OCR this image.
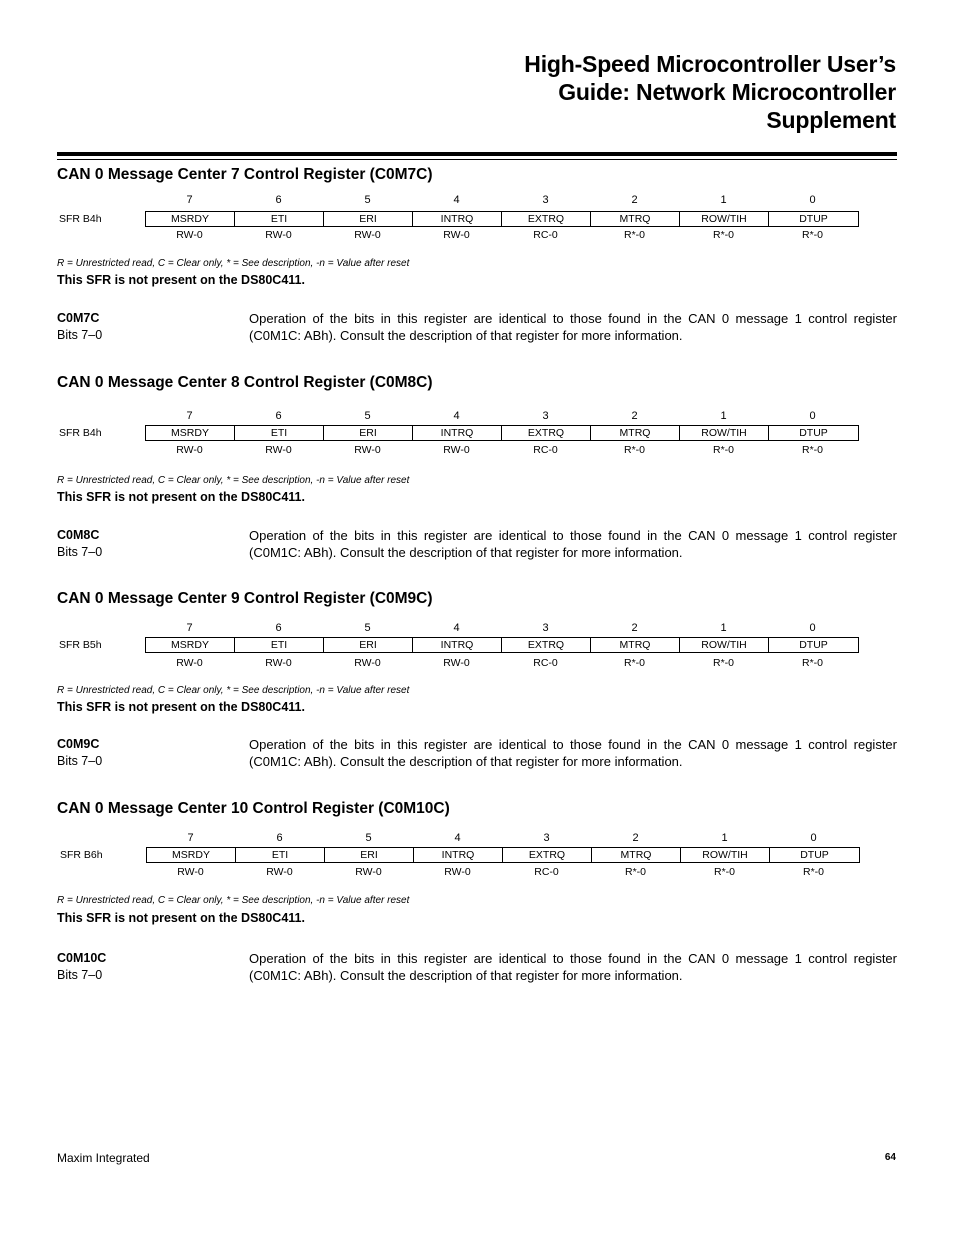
High-Speed Microcontroller User’s
Guide: Network Microcontroller
Supplement
CAN 0 Message Center 7 Control Register (C0M7C)
7	6	5	4	3	2	1	0
SFR B4h	MSRDY	ETI	ERI	INTRQ	EXTRQ	MTRQ	ROW/TIH	DTUP
RW-0	RW-0	RW-0	RW-0	RC-0	R*-0	R*-0	R*-0
R = Unrestricted read, C = Clear only, * = See description, -n = Value after reset
This SFR is not present on the DS80C411.
C0M7C
Bits 7–0
Operation of the bits in this register are identical to those found in the CAN 0 message 1 control register (C0M1C: ABh). Consult the description of that register for more information.
CAN 0 Message Center 8 Control Register (C0M8C)
7	6	5	4	3	2	1	0
SFR B4h	MSRDY	ETI	ERI	INTRQ	EXTRQ	MTRQ	ROW/TIH	DTUP
RW-0	RW-0	RW-0	RW-0	RC-0	R*-0	R*-0	R*-0
R = Unrestricted read, C = Clear only, * = See description, -n = Value after reset
This SFR is not present on the DS80C411.
C0M8C
Bits 7–0
Operation of the bits in this register are identical to those found in the CAN 0 message 1 control register (C0M1C: ABh). Consult the description of that register for more information.
CAN 0 Message Center 9 Control Register (C0M9C)
7	6	5	4	3	2	1	0
SFR B5h	MSRDY	ETI	ERI	INTRQ	EXTRQ	MTRQ	ROW/TIH	DTUP
RW-0	RW-0	RW-0	RW-0	RC-0	R*-0	R*-0	R*-0
R = Unrestricted read, C = Clear only, * = See description, -n = Value after reset
This SFR is not present on the DS80C411.
C0M9C
Bits 7–0
Operation of the bits in this register are identical to those found in the CAN 0 message 1 control register (C0M1C: ABh). Consult the description of that register for more information.
CAN 0 Message Center 10 Control Register (C0M10C)
7	6	5	4	3	2	1	0
SFR B6h	MSRDY	ETI	ERI	INTRQ	EXTRQ	MTRQ	ROW/TIH	DTUP
RW-0	RW-0	RW-0	RW-0	RC-0	R*-0	R*-0	R*-0
R = Unrestricted read, C = Clear only, * = See description, -n = Value after reset
This SFR is not present on the DS80C411.
C0M10C
Bits 7–0
Operation of the bits in this register are identical to those found in the CAN 0 message 1 control register (C0M1C: ABh). Consult the description of that register for more information.
Maxim Integrated	64
